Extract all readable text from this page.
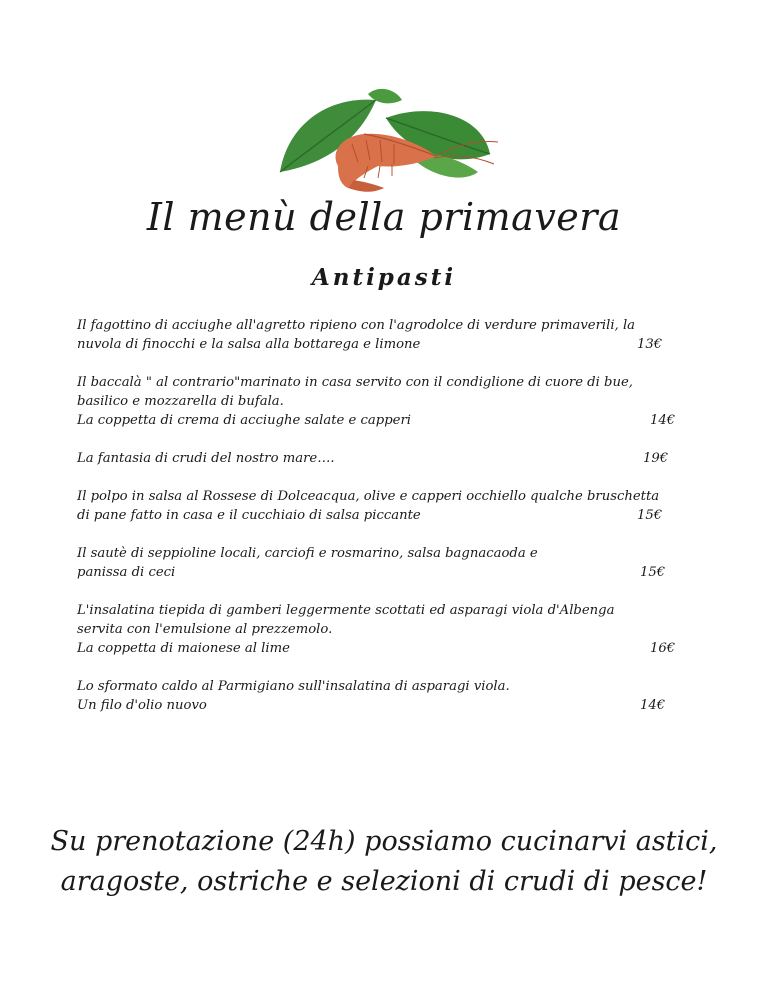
Il menù della primavera
Antipasti
Il fagottino di acciughe all'agretto ripieno con l'agrodolce di verdure primaverili, la
nuvola di finocchi e la salsa alla bottarega e limone	13€
Il baccalà " al contrario"marinato in casa servito con il condiglione di cuore di bue,
basilico e mozzarella di bufala.
La coppetta di crema di acciughe salate e capperi	14€
La fantasia di crudi del nostro mare….	19€
Il polpo in salsa al Rossese di Dolceacqua, olive e capperi occhiello qualche bruschetta
di pane fatto in casa e il cucchiaio di salsa piccante	15€
Il sautè di seppioline locali, carciofi e rosmarino, salsa bagnacaoda e
panissa di ceci	15€
L'insalatina tiepida di gamberi leggermente scottati ed asparagi viola d'Albenga
servita con l'emulsione al prezzemolo.
La coppetta di maionese al lime	16€
Lo sformato caldo al Parmigiano sull'insalatina di asparagi viola.
Un filo d'olio nuovo	14€
Su prenotazione (24h) possiamo cucinarvi astici,
aragoste, ostriche e selezioni di crudi di pesce!
